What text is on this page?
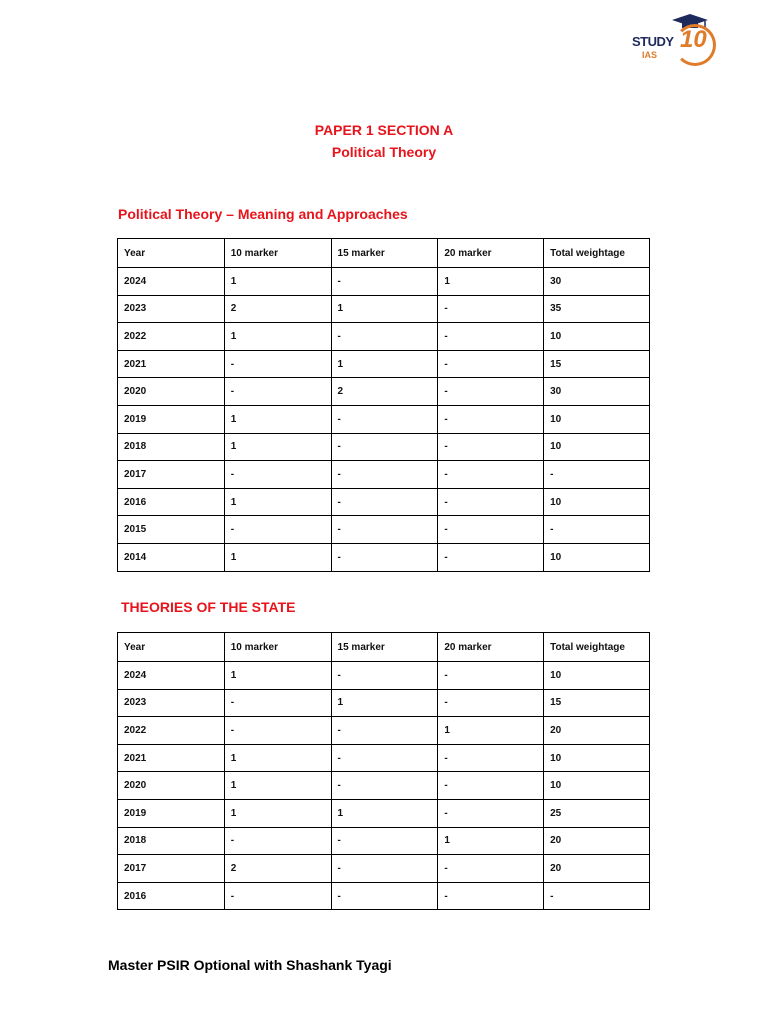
STUDY 10
IAS
PAPER 1 SECTION A
Political Theory
Political Theory – Meaning and Approaches
Year	10 marker	15 marker	20 marker	Total weightage
2024	1	-	1	30
2023	2	1	-	35
2022	1	-	-	10
2021	-	1	-	15
2020	-	2	-	30
2019	1	-	-	10
2018	1	-	-	10
2017	-	-	-	-
2016	1	-	-	10
2015	-	-	-	-
2014	1	-	-	10
THEORIES OF THE STATE
Year	10 marker	15 marker	20 marker	Total weightage
2024	1	-	-	10
2023	-	1	-	15
2022	-	-	1	20
2021	1	-	-	10
2020	1	-	-	10
2019	1	1	-	25
2018	-	-	1	20
2017	2	-	-	20
2016	-	-	-	-
Master PSIR Optional with Shashank Tyagi
